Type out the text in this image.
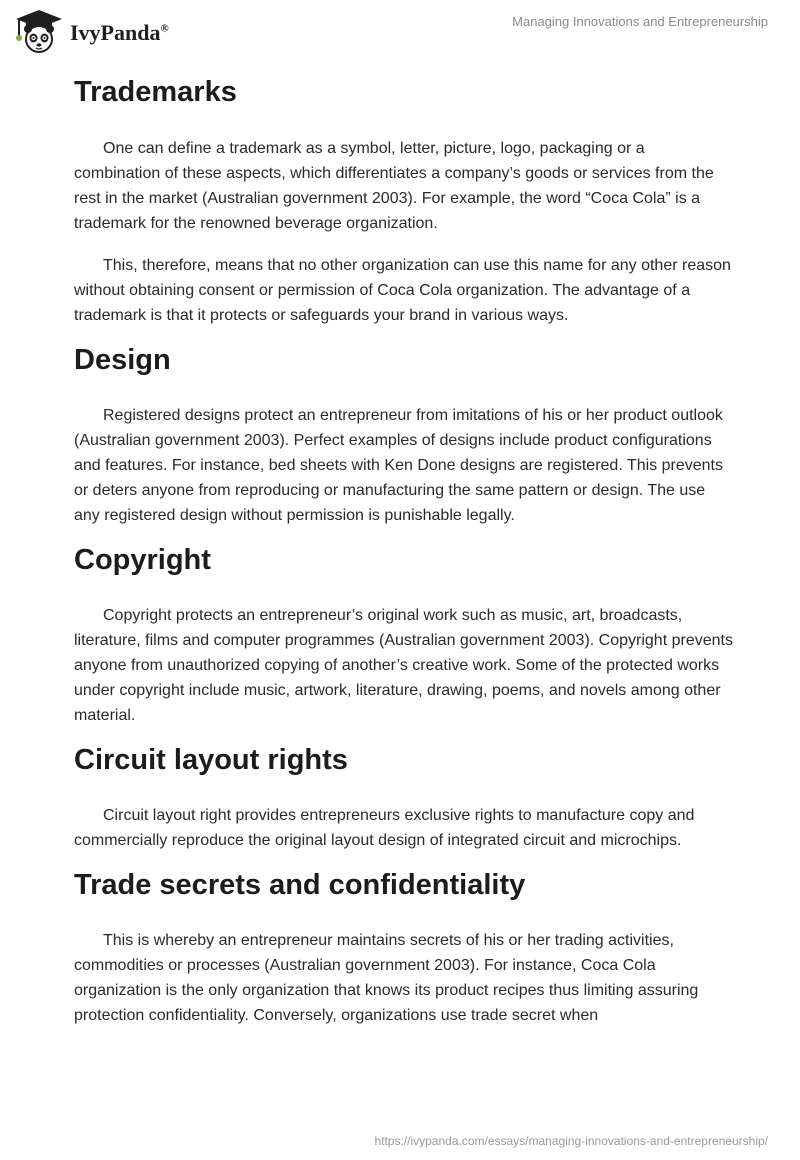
IvyPanda®	Managing Innovations and Entrepreneurship
Trademarks

One can define a trademark as a symbol, letter, picture, logo, packaging or a combination of these aspects, which differentiates a company’s goods or services from the rest in the market (Australian government 2003). For example, the word “Coca Cola” is a trademark for the renowned beverage organization.

This, therefore, means that no other organization can use this name for any other reason without obtaining consent or permission of Coca Cola organization. The advantage of a trademark is that it protects or safeguards your brand in various ways.

Design

Registered designs protect an entrepreneur from imitations of his or her product outlook (Australian government 2003). Perfect examples of designs include product configurations and features. For instance, bed sheets with Ken Done designs are registered. This prevents or deters anyone from reproducing or manufacturing the same pattern or design. The use any registered design without permission is punishable legally.

Copyright

Copyright protects an entrepreneur’s original work such as music, art, broadcasts, literature, films and computer programmes (Australian government 2003). Copyright prevents anyone from unauthorized copying of another’s creative work. Some of the protected works under copyright include music, artwork, literature, drawing, poems, and novels among other material.

Circuit layout rights

Circuit layout right provides entrepreneurs exclusive rights to manufacture copy and commercially reproduce the original layout design of integrated circuit and microchips.

Trade secrets and confidentiality

This is whereby an entrepreneur maintains secrets of his or her trading activities, commodities or processes (Australian government 2003). For instance, Coca Cola organization is the only organization that knows its product recipes thus limiting assuring protection confidentiality. Conversely, organizations use trade secret when

https://ivypanda.com/essays/managing-innovations-and-entrepreneurship/
